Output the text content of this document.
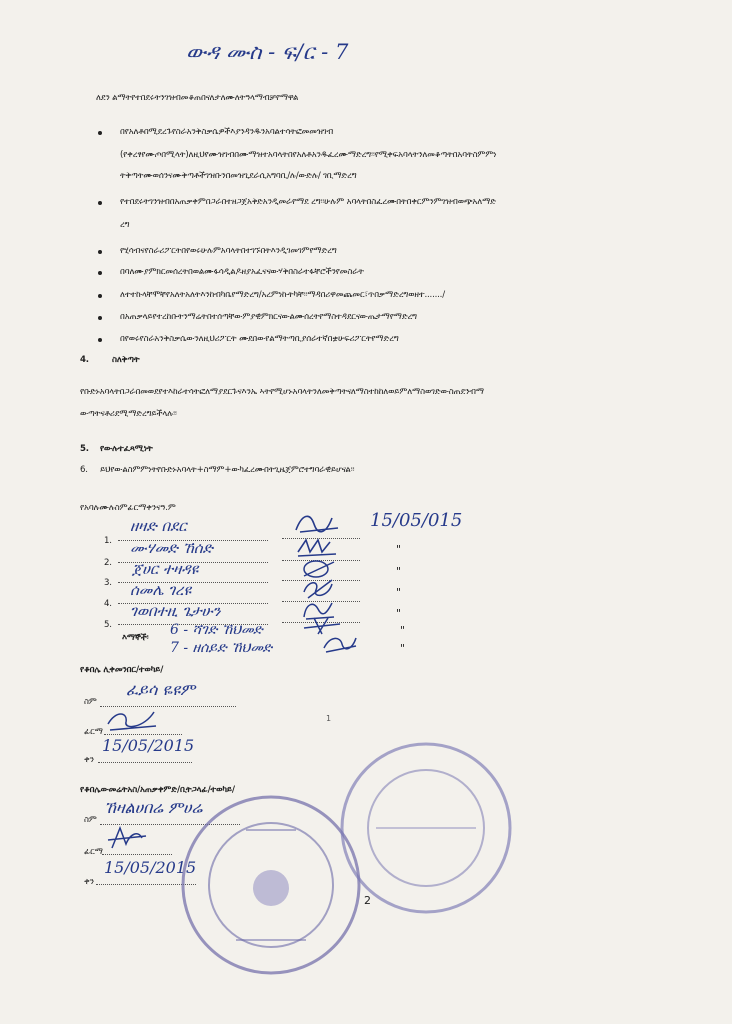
ውዳ ሙስ - ፍ/ር - 7
ለደን ልማትየተበደሩትንገዝብመቆጠበናለታለሙለትዓላማብቻየማዋል
በየአለቶበሚደረጉየስራአንቅስቃሴዎችእያንዳንዱንአባልተሳትፎመመዝገብ
(የቀረፃየሙጦበሚላት)ለዚህየሙዝገብበሙማዝተአባላትበየአለቶአንዱፈረሙማድረግ፡፡የሚቀፍአባላትንለመቆጣትበአባትስምምነ
ትቅጣትሙወሰንናሙቅጣቶችገዝቡንበመዝጊደራሲአግባቢ/ሉ/ውድሉ/ ገቢማድረግ
የተበደሩትገንዝብበአጠቃቀምበጋራበተዘጋጀአቅድአንዲመራየማደ ረግ፡፡ሁሉም አባላትበስፈረሙበትበቀርምንምገዝብወጭአለማድ
ረግ
የሂሳብናየስራሪፖርትበየወሩሁሉምአባላትበተገኙበትእንዲገመገምየማድረግ
በባለሙያምክርመሰረትበወልሙፋሳዲልዶዘያአፈናናውሃቅበስራተፋቸሮችንየመስራት
ለተተኩላቸሞቸየአለትአለትእንከብካቤየማድረግ/አረምነኩትካቸ፡፡ማዳበሪዋመጨመር፣ጥበቃማድረግወዘተ......./
በአጠቃላይየተረከቡትንማሬትበተሰጣቸውምያዊምክርናውልሙሰረትየማስተዳደርናውጤታማየማድረግ
በየወሩየስራአንቅስቃሴውንለዚህሪፖርት ሙደበውየልማትጣቢያሰራተኛበቋሁፍሪፖርትየማድረግ
4.	ስለቅጣት
የቡድኑአባላትበጋራበመወደየተእከራተሳትፎለማያደርጉናእንኤ ኣትየሚሆኑአባላትንለመቅጣትናለማስተከከለወይምለማስወገድውስጠደንብማ
ውጣትናቶሪደሚማድረግይችላሉ፡፡
5. የውሉተፈጻሚነት
6. ይህየውልስምምነትየቡድኑአባላት+ስማም+ውካፈረሙበትጊዜጀምሮተግባራዊይሆናል፡፡
የአባሉሙሉስምፊርማቀንናዓ.ም
1.
ዘዛድ በደር	15/05/015
2.
ሙሃመድ ኸሰድ	"
3.
ጀሀር ተዛዳዩ	"
4.
ሰመሌ ገረዩ	"
5.
ገወበተዚ ጌታሁን	"
እማኞች፡ 6 - ሻገድ ኸህመድ	"
7 - ዘሰይድ ኸህመድ	"
የቆበሌ ሊቀመንበር/ተወካይ/
ስም
ፈይሳ ዬዩም
ፊርማ
ቀን
15/05/2015
የቆበሌውመሬትአስ/አጠቃቀምድ/ቢትጋላፊ/ተወካይ/
ስም
ኸዛልሀበሬ ምሀሬ
ፊርማ
ቀን
15/05/2015
1
2
